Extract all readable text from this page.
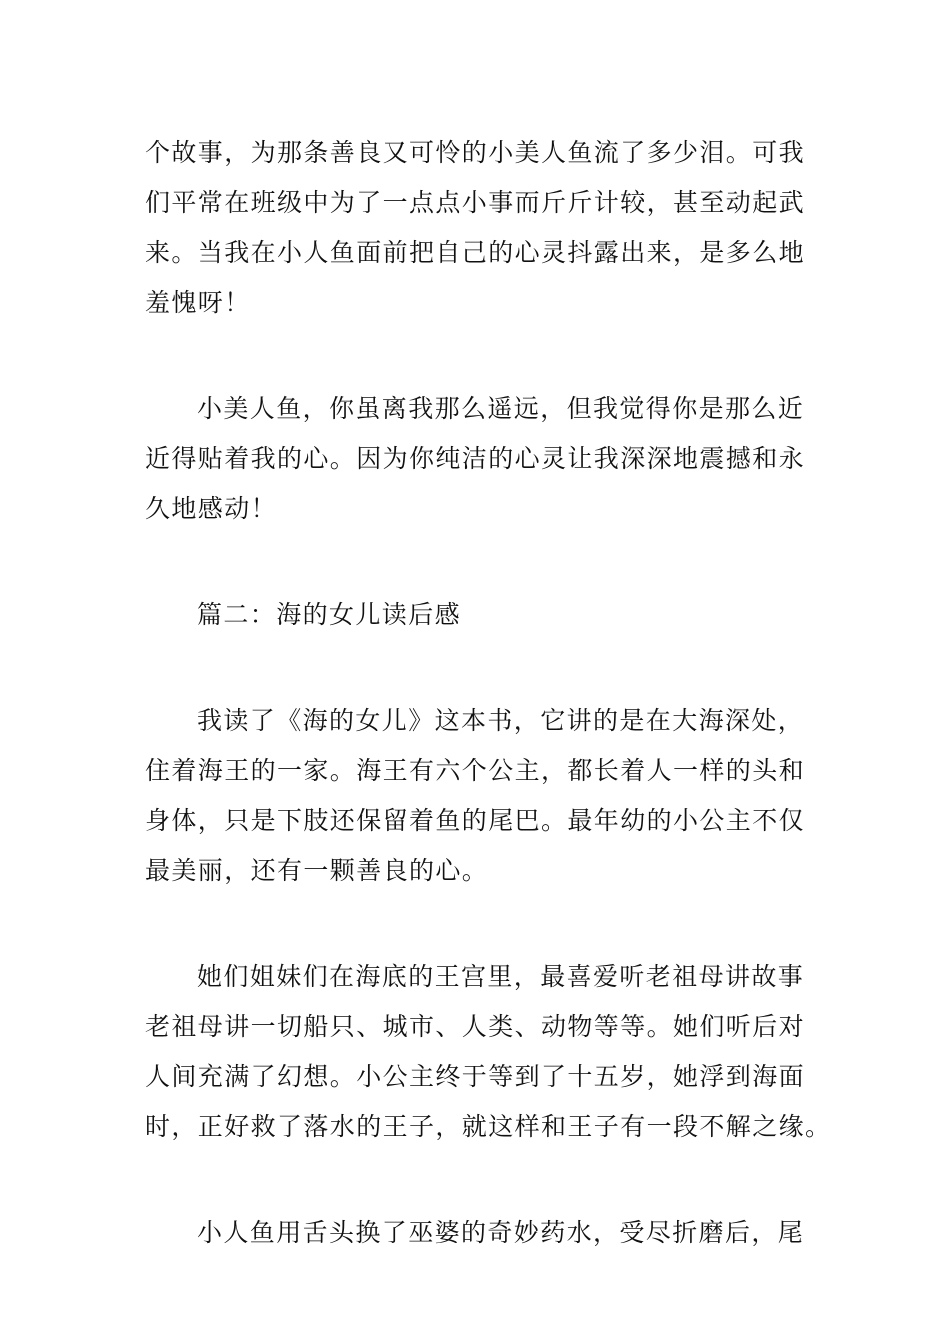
个故事，为那条善良又可怜的小美人鱼流了多少泪。可我
们平常在班级中为了一点点小事而斤斤计较，甚至动起武
来。当我在小人鱼面前把自己的心灵抖露出来，是多么地
羞愧呀！

小美人鱼，你虽离我那么遥远，但我觉得你是那么近
近得贴着我的心。因为你纯洁的心灵让我深深地震撼和永
久地感动！

篇二：海的女儿读后感

我读了《海的女儿》这本书，它讲的是在大海深处，
住着海王的一家。海王有六个公主，都长着人一样的头和
身体，只是下肢还保留着鱼的尾巴。最年幼的小公主不仅
最美丽，还有一颗善良的心。

她们姐妹们在海底的王宫里，最喜爱听老祖母讲故事
老祖母讲一切船只、城市、人类、动物等等。她们听后对
人间充满了幻想。小公主终于等到了十五岁，她浮到海面
时，正好救了落水的王子，就这样和王子有一段不解之缘。

小人鱼用舌头换了巫婆的奇妙药水，受尽折磨后，尾
